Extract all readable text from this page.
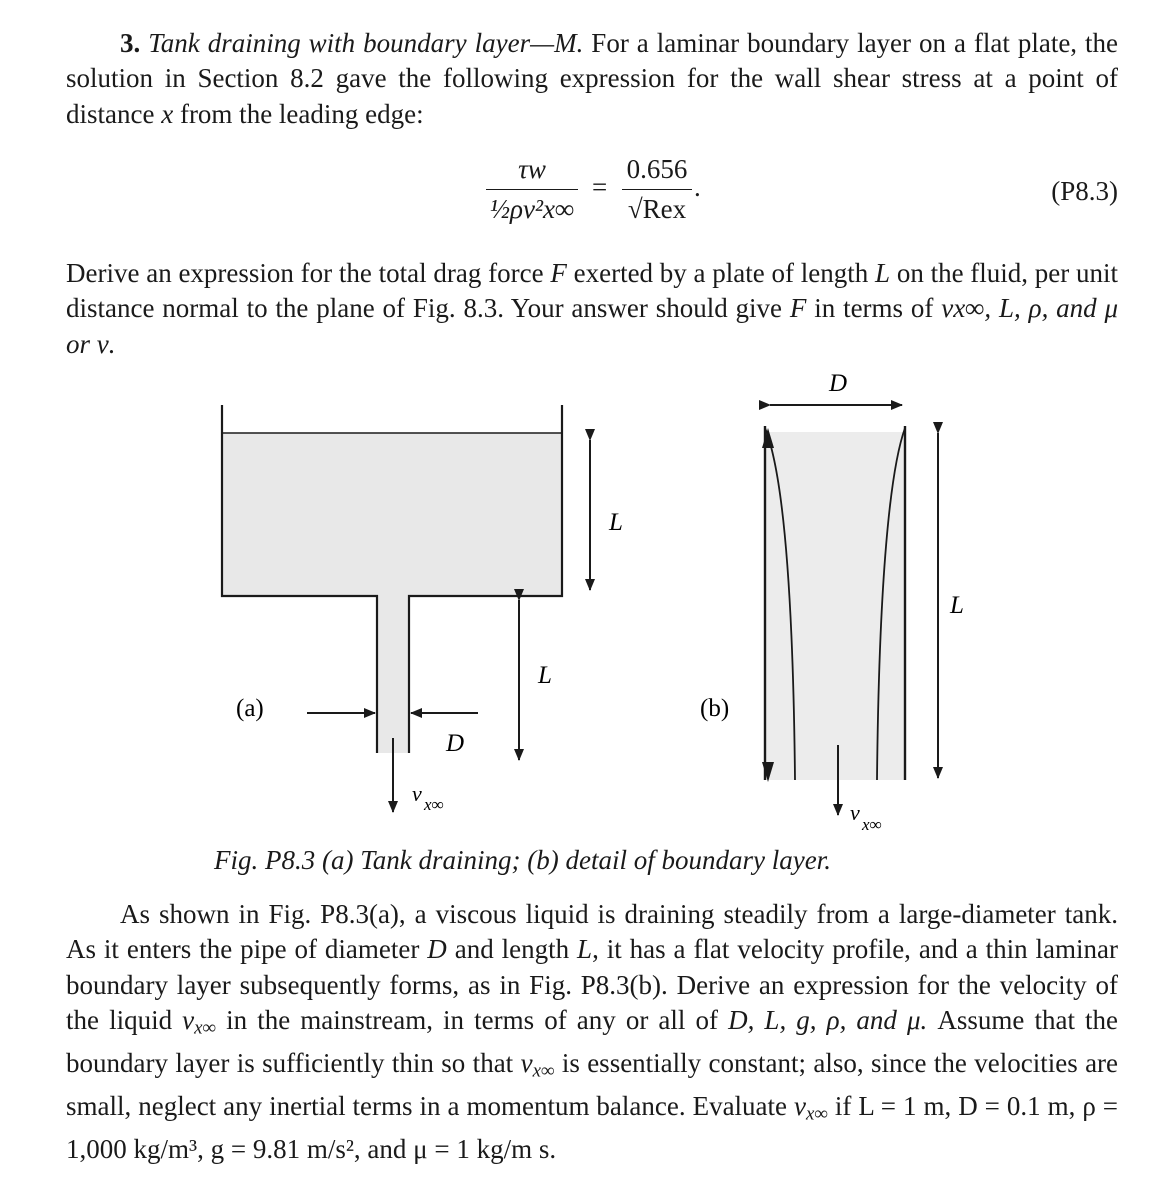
3. Tank draining with boundary layer—M. For a laminar boundary layer on a flat plate, the solution in Section 8.2 gave the following expression for the wall shear stress at a point of distance x from the leading edge:
τw
½ρv²x∞
=
0.656
√Rex
.	(P8.3)
Derive an expression for the total drag force F exerted by a plate of length L on the fluid, per unit distance normal to the plane of Fig. 8.3. Your answer should give F in terms of vx∞, L, ρ, and μ or ν.
(a)
L
L
D
v x∞
(b)
D
L
v x∞
Fig. P8.3 (a) Tank draining; (b) detail of boundary layer.
As shown in Fig. P8.3(a), a viscous liquid is draining steadily from a large-diameter tank. As it enters the pipe of diameter D and length L, it has a flat velocity profile, and a thin laminar boundary layer subsequently forms, as in Fig. P8.3(b). Derive an expression for the velocity of the liquid $v_{x\infty}$ in the mainstream, in terms of any or all of D, L, g, ρ, and μ. Assume that the boundary layer is sufficiently thin so that $v_{x\infty}$ is essentially constant; also, since the velocities are small, neglect any inertial terms in a momentum balance. Evaluate $v_{x\infty}$ if L = 1 m, D = 0.1 m, ρ = 1,000 kg/m³, g = 9.81 m/s², and μ = 1 kg/m s.
